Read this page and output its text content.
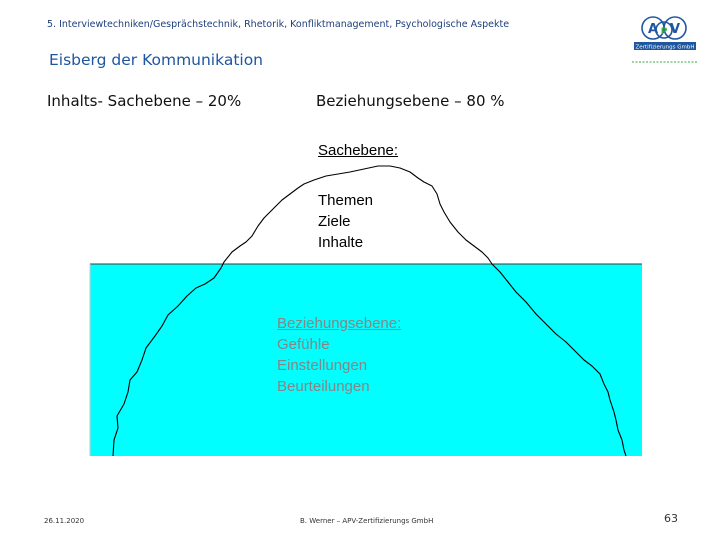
5. Interviewtechniken/Gesprächstechnik, Rhetorik, Konfliktmanagement, Psychologische Aspekte
Eisberg der Kommunikation
A P V
Zertifizierungs GmbH
Inhalts- Sachebene – 20%	Beziehungsebene – 80 %
Sachebene:
Themen
Ziele
Inhalte
Beziehungsebene:
Gefühle
Einstellungen
Beurteilungen
26.11.2020	B. Werner – APV-Zertifizierungs GmbH	63
